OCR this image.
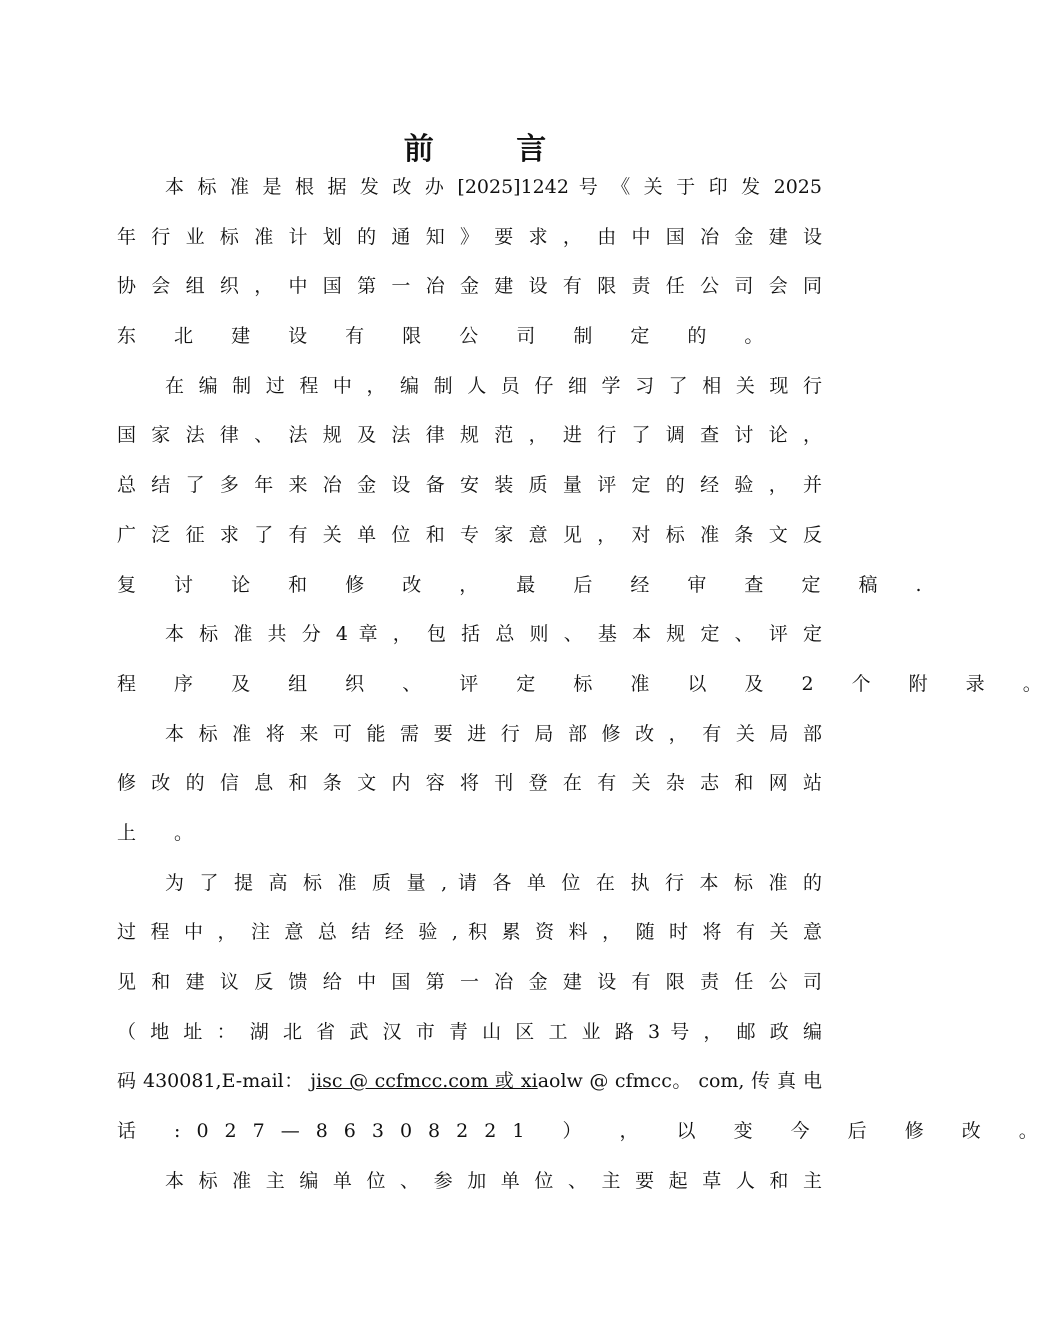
前 言
本 标 准 是 根 据 发 改 办 [2025]1242 号 《 关 于 印 发 2025
年 行 业 标 准 计 划 的 通 知 》 要 求 ， 由 中 国 冶 金 建 设
协 会 组 织 ， 中 国 第 一 冶 金 建 设 有 限 责 任 公 司 会 同
东 北 建 设 有 限 公 司 制 定 的 。
在 编 制 过 程 中 ， 编 制 人 员 仔 细 学 习 了 相 关 现 行
国 家 法 律 、 法 规 及 法 律 规 范 ， 进 行 了 调 查 讨 论 ，
总 结 了 多 年 来 冶 金 设 备 安 装 质 量 评 定 的 经 验 ， 并
广 泛 征 求 了 有 关 单 位 和 专 家 意 见 ， 对 标 准 条 文 反
复 讨 论 和 修 改 ， 最 后 经 审 查 定 稿 .
本 标 准 共 分 4 章 ， 包 括 总 则 、 基 本 规 定 、 评 定
程 序 及 组 织 、 评 定 标 准 以 及 2 个 附 录 。
本 标 准 将 来 可 能 需 要 进 行 局 部 修 改 ， 有 关 局 部
修 改 的 信 息 和 条 文 内 容 将 刊 登 在 有 关 杂 志 和 网 站
上 。
为 了 提 高 标 准 质 量 , 请 各 单 位 在 执 行 本 标 准 的
过 程 中 ， 注 意 总 结 经 验 , 积 累 资 料 ， 随 时 将 有 关 意
见 和 建 议 反 馈 给 中 国 第 一 冶 金 建 设 有 限 责 任 公 司
（ 地 址 ： 湖 北 省 武 汉 市 青 山 区 工 业 路 3 号 ， 邮 政 编
码 430081,E-mail： jisc @ ccfmcc.com 或 xiaolw @ cfmcc。 com, 传 真 电
话 :027—86308221 ） ， 以 变 今 后 修 改 。
本 标 准 主 编 单 位 、 参 加 单 位 、 主 要 起 草 人 和 主
